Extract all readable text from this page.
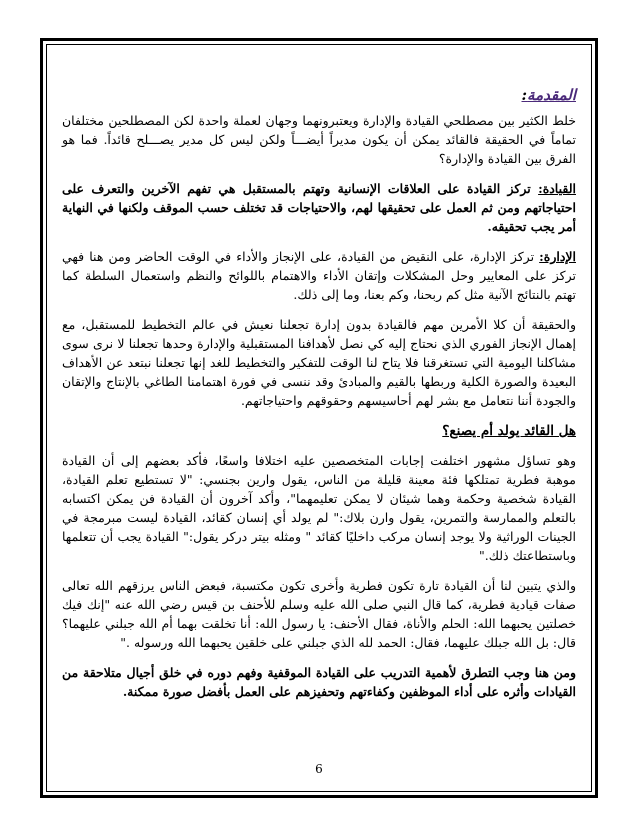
المقدمة:

خلط الكثير بين مصطلحي القيادة والإدارة ويعتبرونهما وجهان لعملة واحدة لكن المصطلحين مختلفان تماماً في الحقيقة فالقائد يمكن أن يكون مديراً أيضـــاً ولكن ليس كل مدير يصـــلح قائداً. فما هو الفرق بين القيادة والإدارة؟

القيادة: تركز القيادة على العلاقات الإنسانية وتهتم بالمستقبل هي تفهم الآخرين والتعرف على احتياجاتهم ومن ثم العمل على تحقيقها لهم، والاحتياجات قد تختلف حسب الموقف ولكنها في النهاية أمر يجب تحقيقه.

الإدارة: تركز الإدارة، على النقيض من القيادة، على الإنجاز والأداء في الوقت الحاضر ومن هنا فهي تركز على المعايير وحل المشكلات وإتقان الأداء والاهتمام باللوائح والنظم واستعمال السلطة كما تهتم بالنتائج الآنية مثل كم ربحنا، وكم بعنا، وما إلى ذلك.

والحقيقة أن كلا الأمرين مهم فالقيادة بدون إدارة تجعلنا نعيش في عالم التخطيط للمستقبل، مع إهمال الإنجاز الفوري الذي نحتاج إليه كي نصل لأهدافنا المستقبلية والإدارة وحدها تجعلنا لا نرى سوى مشاكلنا اليومية التي تستغرقنا فلا يتاح لنا الوقت للتفكير والتخطيط للغد إنها تجعلنا نبتعد عن الأهداف البعيدة والصورة الكلية وربطها بالقيم والمبادئ وقد ننسى في فورة اهتمامنا الطاغي بالإنتاج والإتقان والجودة أننا نتعامل مع بشر لهم أحاسيسهم وحقوقهم واحتياجاتهم.

هل القائد يولد أم يصنع؟

وهو تساؤل مشهور اختلفت إجابات المتخصصين عليه اختلافا واسعًا، فأكد بعضهم إلى أن القيادة موهبة فطرية تمتلكها فئة معينة قليلة من الناس، يقول وارين بجنسي: "لا تستطيع تعلم القيادة، القيادة شخصية وحكمة وهما شيئان لا يمكن تعليمهما"، وأكد آخرون أن القيادة فن يمكن اكتسابه بالتعلم والممارسة والتمرين، يقول وارن بلاك:" لم يولد أي إنسان كقائد، القيادة ليست مبرمجة في الجينات الوراثية ولا يوجد إنسان مركب داخليًا كقائد " ومثله بيتر دركر يقول:" القيادة يجب أن تتعلمها وباستطاعتك ذلك."

والذي يتبين لنا أن القيادة تارة تكون فطرية وأخرى تكون مكتسبة، فبعض الناس يرزقهم الله تعالى صفات قيادية فطرية، كما قال النبي صلى الله عليه وسلم للأحنف بن قيس رضي الله عنه "إنك فيك خصلتين يحبهما الله: الحلم والأناة، فقال الأحنف: يا رسول الله: أنا تخلقت بهما أم الله جبلني عليهما؟ قال: بل الله جبلك عليهما، فقال: الحمد لله الذي جبلني على خلقين يحبهما الله ورسوله ."

ومن هنا وجب التطرق لأهمية التدريب على القيادة الموقفية وفهم دوره في خلق أجيال متلاحقة من القيادات وأثره على أداء الموظفين وكفاءتهم وتحفيزهم على العمل بأفضل صورة ممكنة.

6
